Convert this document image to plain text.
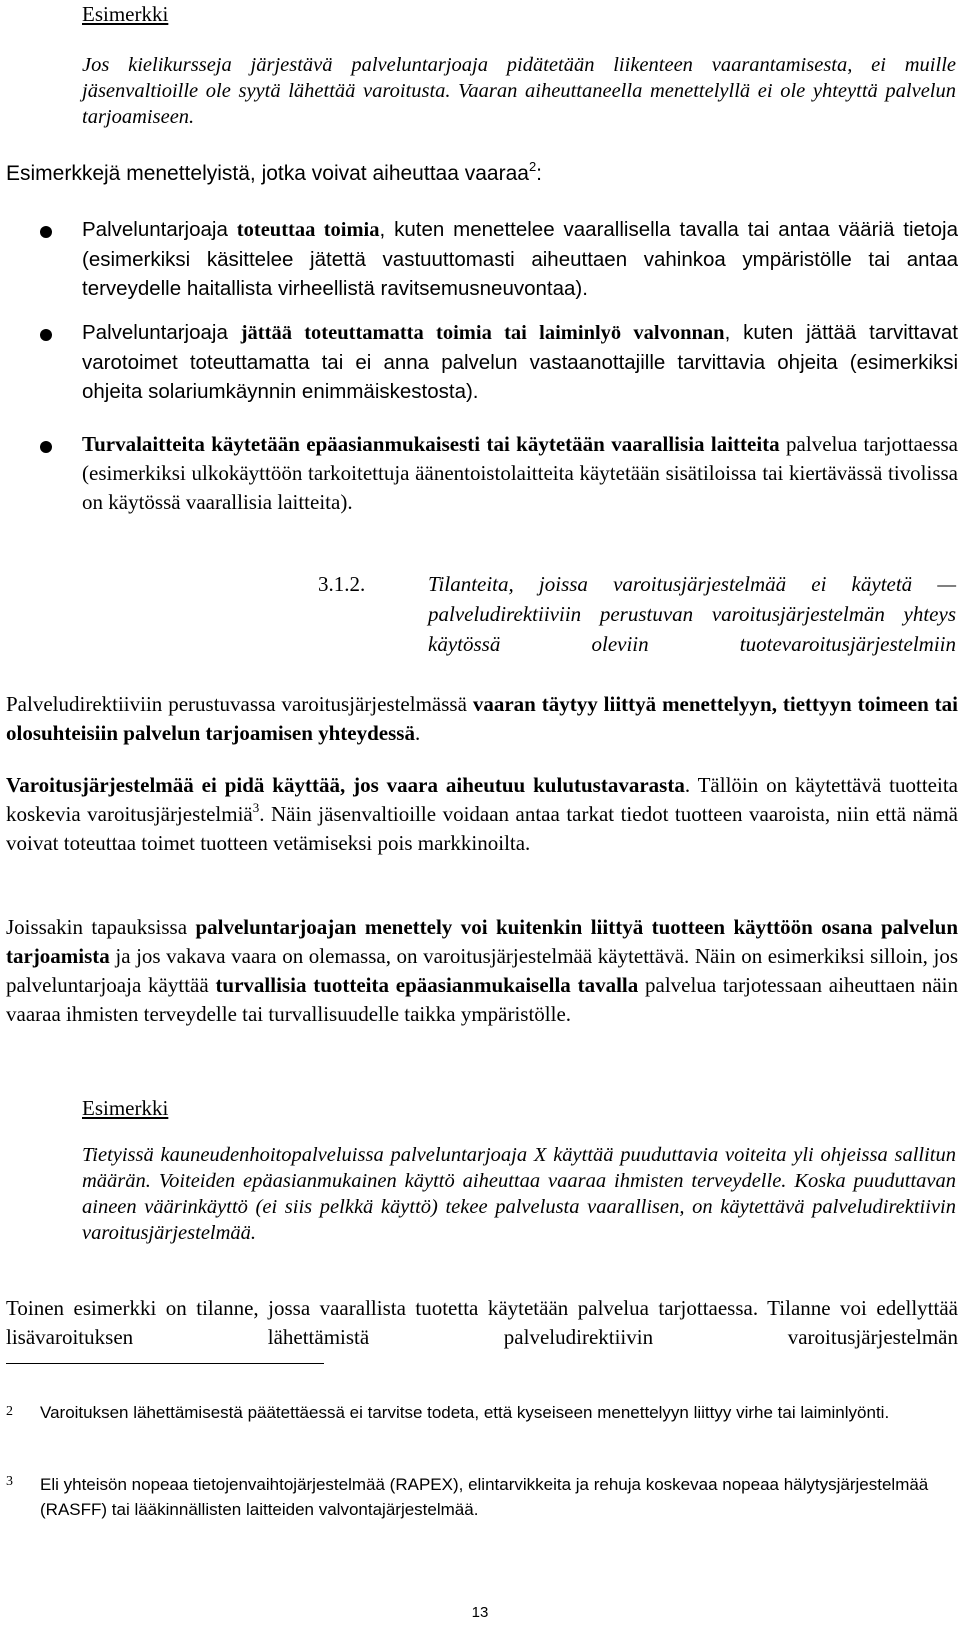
Esimerkki

Jos kielikursseja järjestävä palveluntarjoaja pidätetään liikenteen vaarantamisesta, ei muille jäsenvaltioille ole syytä lähettää varoitusta. Vaaran aiheuttaneella menettelyllä ei ole yhteyttä palvelun tarjoamiseen.

Esimerkkejä menettelyistä, jotka voivat aiheuttaa vaaraa$^2$:

Palveluntarjoaja toteuttaa toimia, kuten menettelee vaarallisella tavalla tai antaa vääriä tietoja (esimerkiksi käsittelee jätettä vastuuttomasti aiheuttaen vahinkoa ympäristölle tai antaa terveydelle haitallista virheellistä ravitsemusneuvontaa).

Palveluntarjoaja jättää toteuttamatta toimia tai laiminlyö valvonnan, kuten jättää tarvittavat varotoimet toteuttamatta tai ei anna palvelun vastaanottajille tarvittavia ohjeita (esimerkiksi ohjeita solariumkäynnin enimmäiskestosta).

Turvalaitteita käytetään epäasianmukaisesti tai käytetään vaarallisia laitteita palvelua tarjottaessa (esimerkiksi ulkokäyttöön tarkoitettuja äänentoistolaitteita käytetään sisätiloissa tai kiertävässä tivolissa on käytössä vaarallisia laitteita).

3.1.2.	Tilanteita, joissa varoitusjärjestelmää ei käytetä — palveludirektiiviin perustuvan varoitusjärjestelmän yhteys käytössä oleviin tuotevaroitusjärjestelmiin

Palveludirektiiviin perustuvassa varoitusjärjestelmässä vaaran täytyy liittyä menettelyyn, tiettyyn toimeen tai olosuhteisiin palvelun tarjoamisen yhteydessä.

Varoitusjärjestelmää ei pidä käyttää, jos vaara aiheutuu kulutustavarasta. Tällöin on käytettävä tuotteita koskevia varoitusjärjestelmiä$^3$. Näin jäsenvaltioille voidaan antaa tarkat tiedot tuotteen vaaroista, niin että nämä voivat toteuttaa toimet tuotteen vetämiseksi pois markkinoilta.

Joissakin tapauksissa palveluntarjoajan menettely voi kuitenkin liittyä tuotteen käyttöön osana palvelun tarjoamista ja jos vakava vaara on olemassa, on varoitusjärjestelmää käytettävä. Näin on esimerkiksi silloin, jos palveluntarjoaja käyttää turvallisia tuotteita epäasianmukaisella tavalla palvelua tarjotessaan aiheuttaen näin vaaraa ihmisten terveydelle tai turvallisuudelle taikka ympäristölle.

Esimerkki

Tietyissä kauneudenhoitopalveluissa palveluntarjoaja X käyttää puuduttavia voiteita yli ohjeissa sallitun määrän. Voiteiden epäasianmukainen käyttö aiheuttaa vaaraa ihmisten terveydelle. Koska puuduttavan aineen väärinkäyttö (ei siis pelkkä käyttö) tekee palvelusta vaarallisen, on käytettävä palveludirektiivin varoitusjärjestelmää.

Toinen esimerkki on tilanne, jossa vaarallista tuotetta käytetään palvelua tarjottaessa. Tilanne voi edellyttää lisävaroituksen lähettämistä palveludirektiivin varoitusjärjestelmän

2 Varoituksen lähettämisestä päätettäessä ei tarvitse todeta, että kyseiseen menettelyyn liittyy virhe tai laiminlyönti.

3 Eli yhteisön nopeaa tietojenvaihtojärjestelmää (RAPEX), elintarvikkeita ja rehuja koskevaa nopeaa hälytysjärjestelmää (RASFF) tai lääkinnällisten laitteiden valvontajärjestelmää.

13
